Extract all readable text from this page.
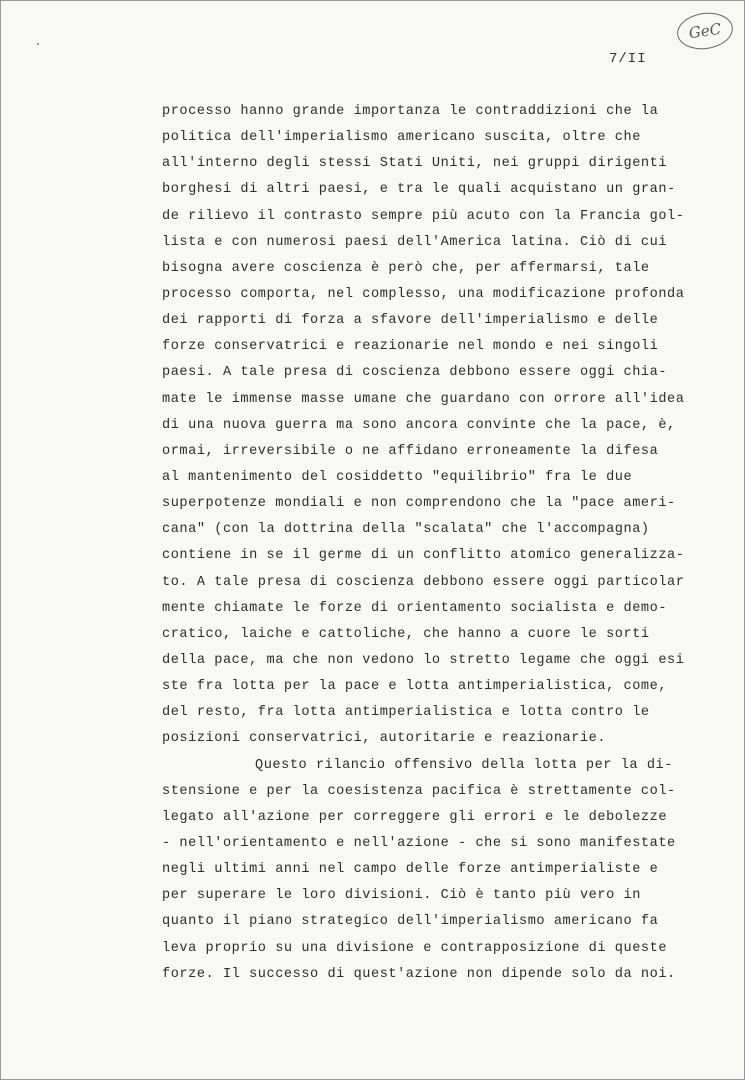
GeC
7/II
processo hanno grande importanza le contraddizioni che la
politica dell'imperialismo americano suscita, oltre che
all'interno degli stessi Stati Uniti, nei gruppi dirigenti
borghesi di altri paesi, e tra le quali acquistano un gran-
de rilievo il contrasto sempre più acuto con la Francia gol-
lista e con numerosi paesi dell'America latina. Ciò di cui
bisogna avere coscienza è però che, per affermarsi, tale
processo comporta, nel complesso, una modificazione profonda
dei rapporti di forza a sfavore dell'imperialismo e delle
forze conservatrici e reazionarie nel mondo e nei singoli
paesi. A tale presa di coscienza debbono essere oggi chia-
mate le immense masse umane che guardano con orrore all'idea
di una nuova guerra ma sono ancora convinte che la pace, è,
ormai, irreversibile o ne affidano erroneamente la difesa
al mantenimento del cosiddetto "equilibrio" fra le due
superpotenze mondiali e non comprendono che la "pace ameri-
cana" (con la dottrina della "scalata" che l'accompagna)
contiene in se il germe di un conflitto atomico generalizza-
to. A tale presa di coscienza debbono essere oggi particolar
mente chiamate le forze di orientamento socialista e demo-
cratico, laiche e cattoliche, che hanno a cuore le sorti
della pace, ma che non vedono lo stretto legame che oggi esi
ste fra lotta per la pace e lotta antimperialistica, come,
del resto, fra lotta antimperialistica e lotta contro le
posizioni conservatrici, autoritarie e reazionarie.
Questo rilancio offensivo della lotta per la di-
stensione e per la coesistenza pacifica è strettamente col-
legato all'azione per correggere gli errori e le debolezze
- nell'orientamento e nell'azione - che si sono manifestate
negli ultimi anni nel campo delle forze antimperialiste e
per superare le loro divisioni. Ciò è tanto più vero in
quanto il piano strategico dell'imperialismo americano fa
leva proprio su una divisione e contrapposizione di queste
forze. Il successo di quest'azione non dipende solo da noi.
